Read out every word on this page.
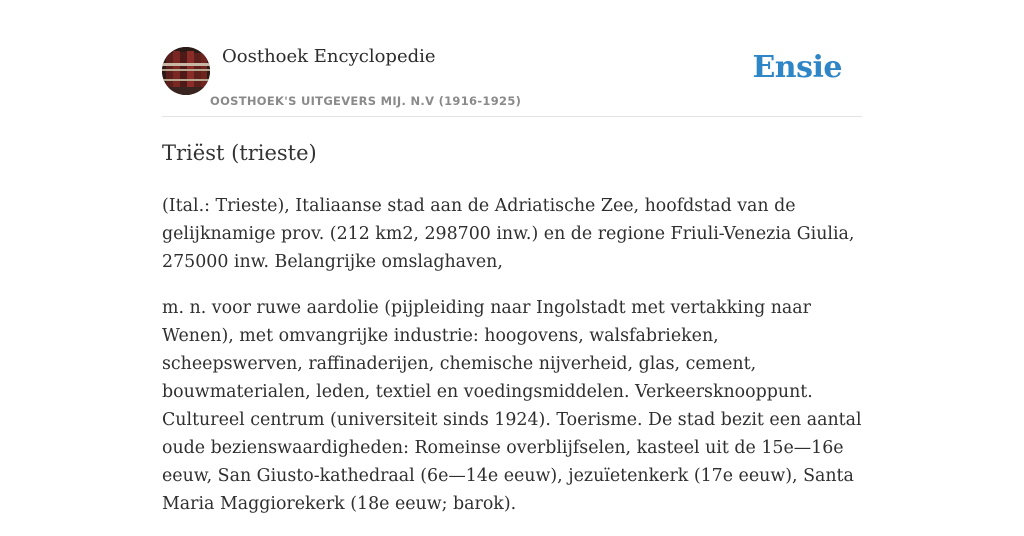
Oosthoek Encyclopedie
OOSTHOEK'S UITGEVERS MIJ. N.V (1916-1925)
Ensie
Triëst (trieste)

(Ital.: Trieste), Italiaanse stad aan de Adriatische Zee, hoofdstad van de gelijknamige prov. (212 km2, 298700 inw.) en de regione Friuli-Venezia Giulia, 275000 inw. Belangrijke omslaghaven,

m. n. voor ruwe aardolie (pijpleiding naar Ingolstadt met vertakking naar Wenen), met omvangrijke industrie: hoogovens, walsfabrieken, scheepswerven, raffinaderijen, chemische nijverheid, glas, cement, bouwmaterialen, leden, textiel en voedingsmiddelen. Verkeersknooppunt. Cultureel centrum (universiteit sinds 1924). Toerisme. De stad bezit een aantal oude bezienswaardigheden: Romeinse overblijfselen, kasteel uit de 15e—16e eeuw, San Giusto-kathedraal (6e—14e eeuw), jezuïetenkerk (17e eeuw), Santa Maria Maggiorekerk (18e eeuw; barok).
